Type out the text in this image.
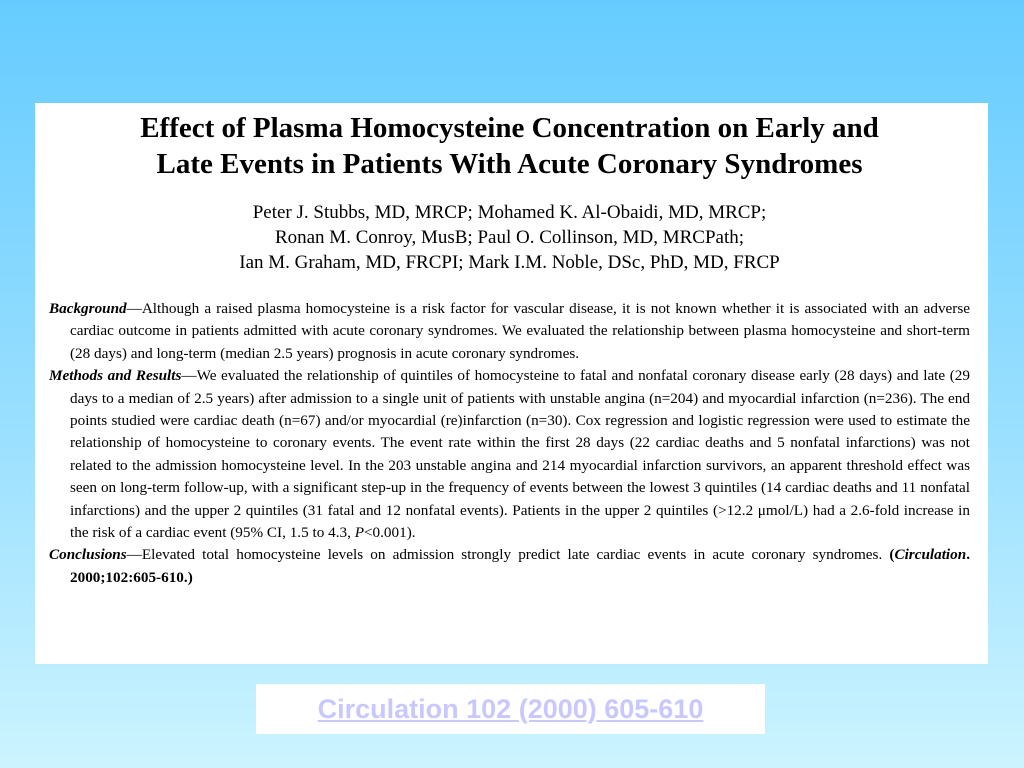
Effect of Plasma Homocysteine Concentration on Early and
Late Events in Patients With Acute Coronary Syndromes
Peter J. Stubbs, MD, MRCP; Mohamed K. Al-Obaidi, MD, MRCP;
Ronan M. Conroy, MusB; Paul O. Collinson, MD, MRCPath;
Ian M. Graham, MD, FRCPI; Mark I.M. Noble, DSc, PhD, MD, FRCP

Background—Although a raised plasma homocysteine is a risk factor for vascular disease, it is not known whether it is associated with an adverse cardiac outcome in patients admitted with acute coronary syndromes. We evaluated the relationship between plasma homocysteine and short-term (28 days) and long-term (median 2.5 years) prognosis in acute coronary syndromes.

Methods and Results—We evaluated the relationship of quintiles of homocysteine to fatal and nonfatal coronary disease early (28 days) and late (29 days to a median of 2.5 years) after admission to a single unit of patients with unstable angina (n=204) and myocardial infarction (n=236). The end points studied were cardiac death (n=67) and/or myocardial (re)infarction (n=30). Cox regression and logistic regression were used to estimate the relationship of homocysteine to coronary events. The event rate within the first 28 days (22 cardiac deaths and 5 nonfatal infarctions) was not related to the admission homocysteine level. In the 203 unstable angina and 214 myocardial infarction survivors, an apparent threshold effect was seen on long-term follow-up, with a significant step-up in the frequency of events between the lowest 3 quintiles (14 cardiac deaths and 11 nonfatal infarctions) and the upper 2 quintiles (31 fatal and 12 nonfatal events). Patients in the upper 2 quintiles (>12.2 μmol/L) had a 2.6-fold increase in the risk of a cardiac event (95% CI, 1.5 to 4.3, P<0.001).

Conclusions—Elevated total homocysteine levels on admission strongly predict late cardiac events in acute coronary syndromes. (Circulation. 2000;102:605-610.)

Circulation 102 (2000) 605-610
